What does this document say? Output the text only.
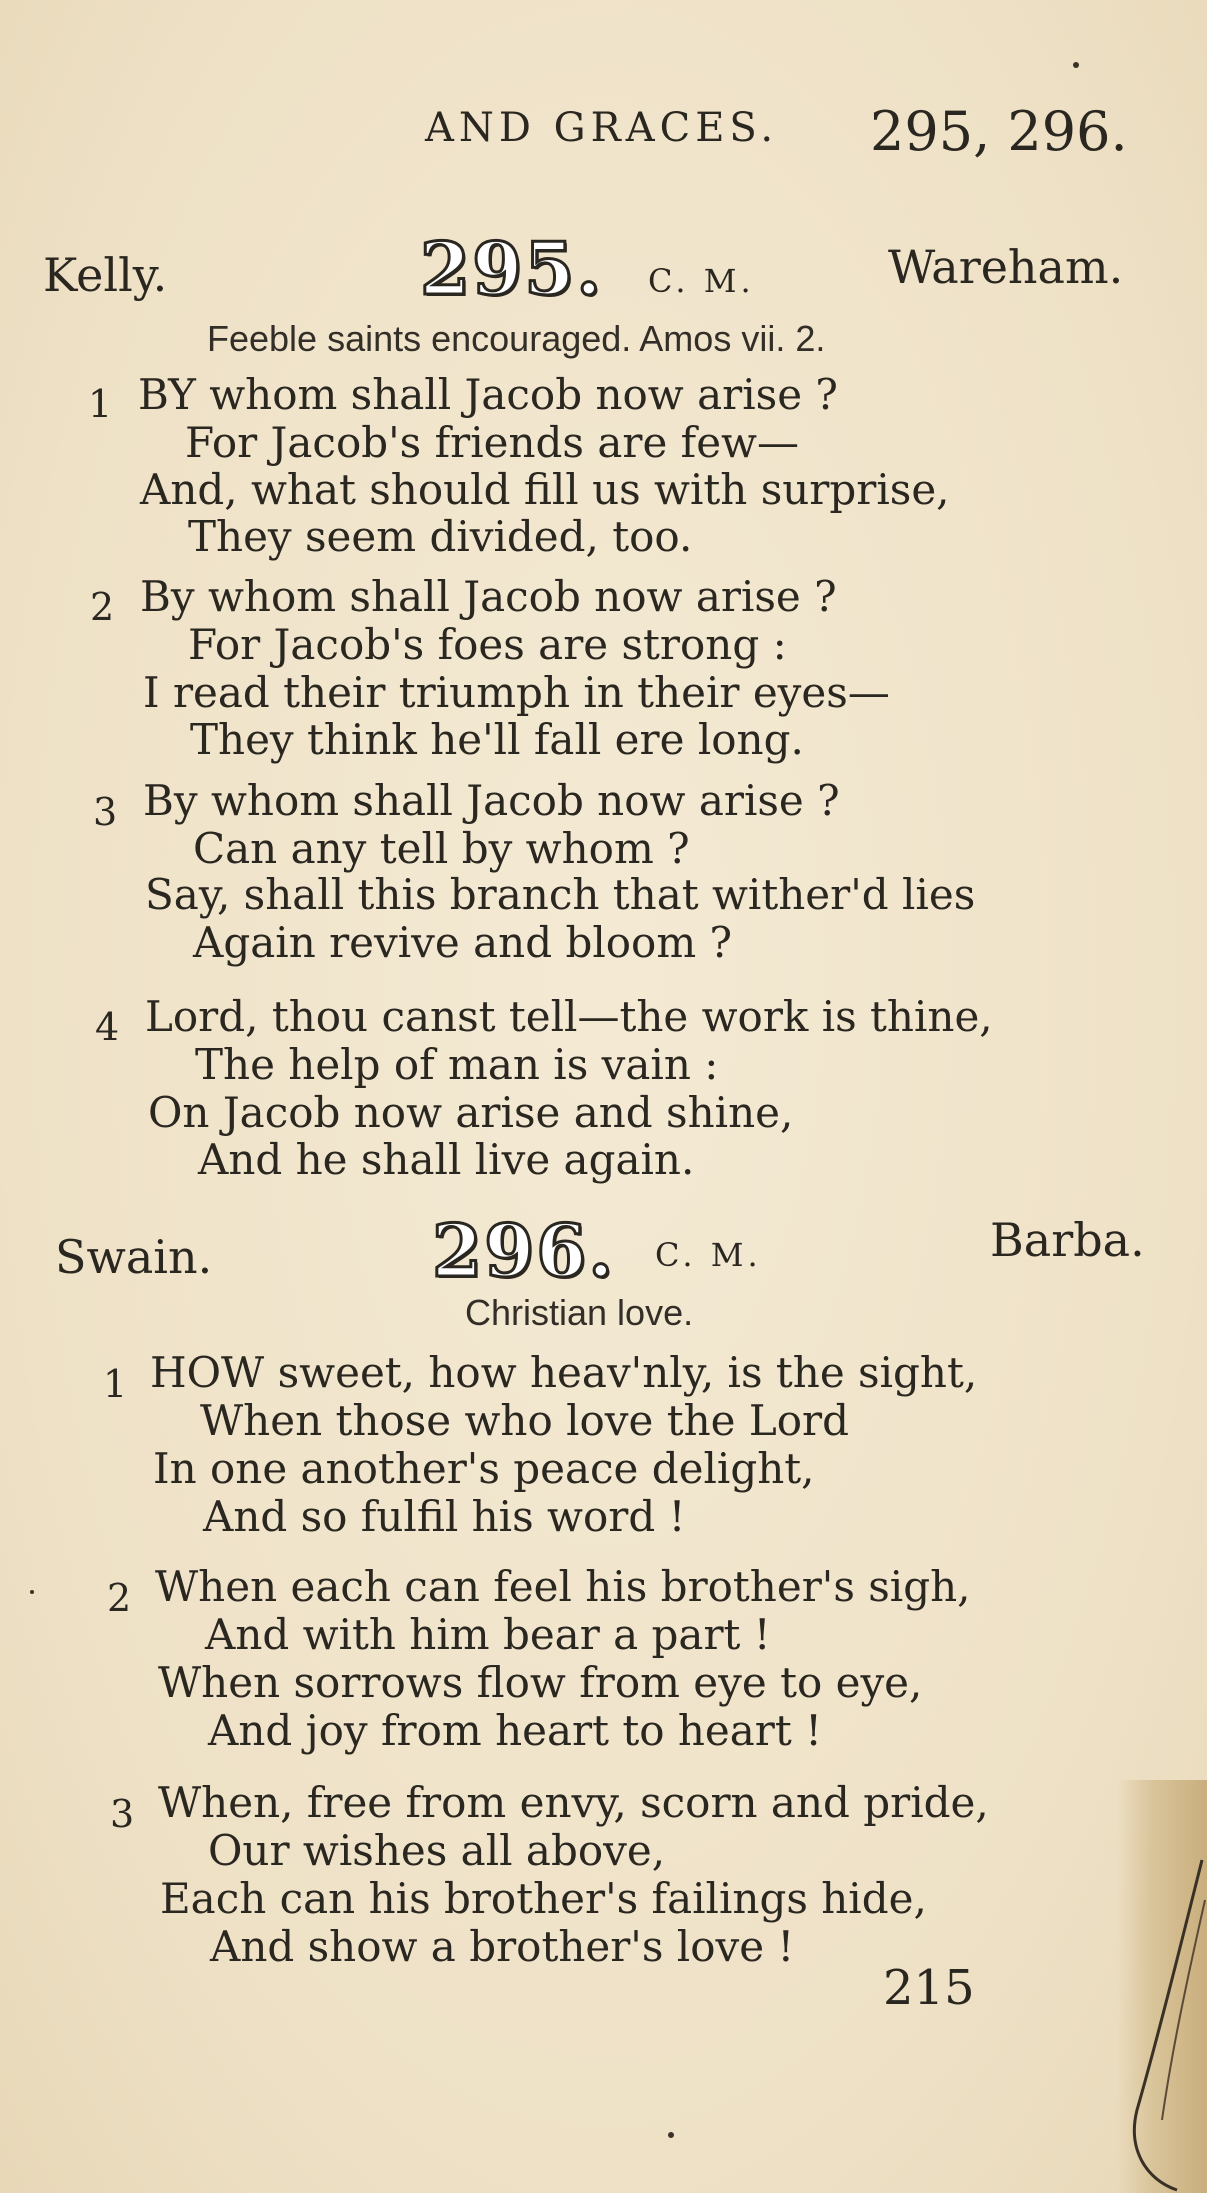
AND GRACES. 295, 296.
Kelly.	295. C. M.	Wareham.
Feeble saints encouraged. Amos vii. 2.
1 BY whom shall Jacob now arise ?
For Jacob's friends are few—
And, what should fill us with surprise,
They seem divided, too.
2 By whom shall Jacob now arise ?
For Jacob's foes are strong :
I read their triumph in their eyes—
They think he'll fall ere long.
3 By whom shall Jacob now arise ?
Can any tell by whom ?
Say, shall this branch that wither'd lies
Again revive and bloom ?
4 Lord, thou canst tell—the work is thine,
The help of man is vain :
On Jacob now arise and shine,
And he shall live again.
Swain.	296. C. M.	Barba.
Christian love.
1 HOW sweet, how heav'nly, is the sight,
When those who love the Lord
In one another's peace delight,
And so fulfil his word !
2 When each can feel his brother's sigh,
And with him bear a part !
When sorrows flow from eye to eye,
And joy from heart to heart !
3 When, free from envy, scorn and pride,
Our wishes all above,
Each can his brother's failings hide,
And show a brother's love !
215
